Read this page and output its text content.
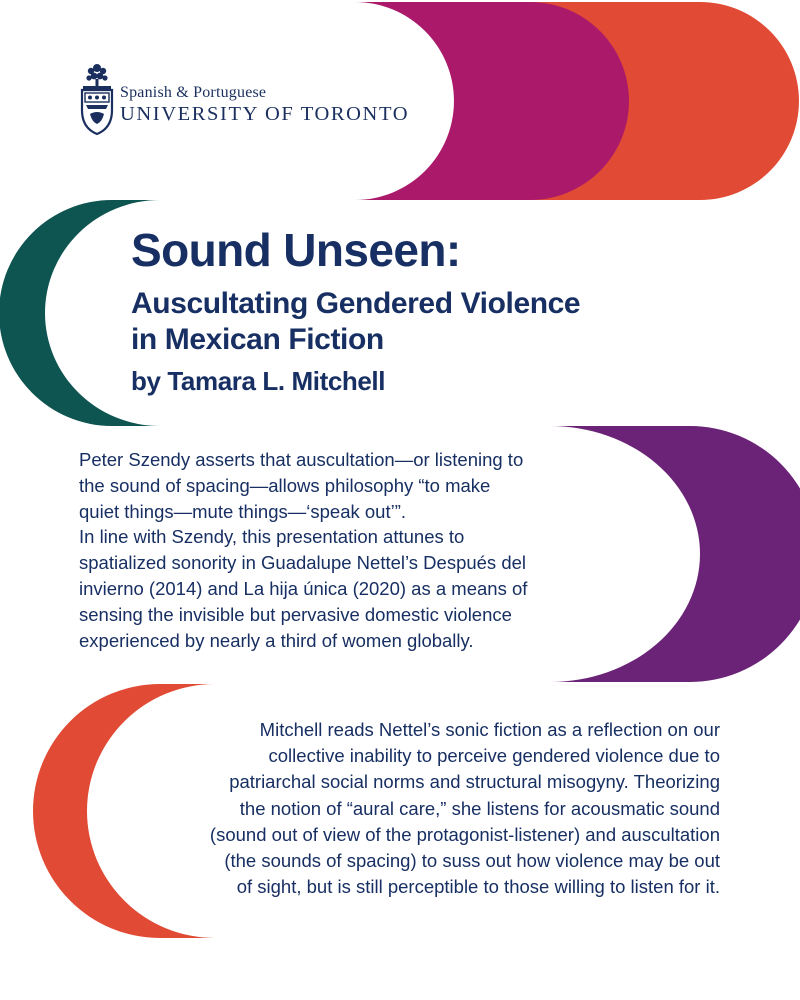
Spanish & Portuguese
UNIVERSITY OF TORONTO
Sound Unseen:
Auscultating Gendered Violence
in Mexican Fiction
by Tamara L. Mitchell

Peter Szendy asserts that auscultation—or listening to
the sound of spacing—allows philosophy “to make
quiet things—mute things—‘speak out’”.
In line with Szendy, this presentation attunes to
spatialized sonority in Guadalupe Nettel’s Después del
invierno (2014) and La hija única (2020) as a means of
sensing the invisible but pervasive domestic violence
experienced by nearly a third of women globally.

Mitchell reads Nettel’s sonic fiction as a reflection on our
collective inability to perceive gendered violence due to
patriarchal social norms and structural misogyny. Theorizing
the notion of “aural care,” she listens for acousmatic sound
(sound out of view of the protagonist-listener) and auscultation
(the sounds of spacing) to suss out how violence may be out
of sight, but is still perceptible to those willing to listen for it.
